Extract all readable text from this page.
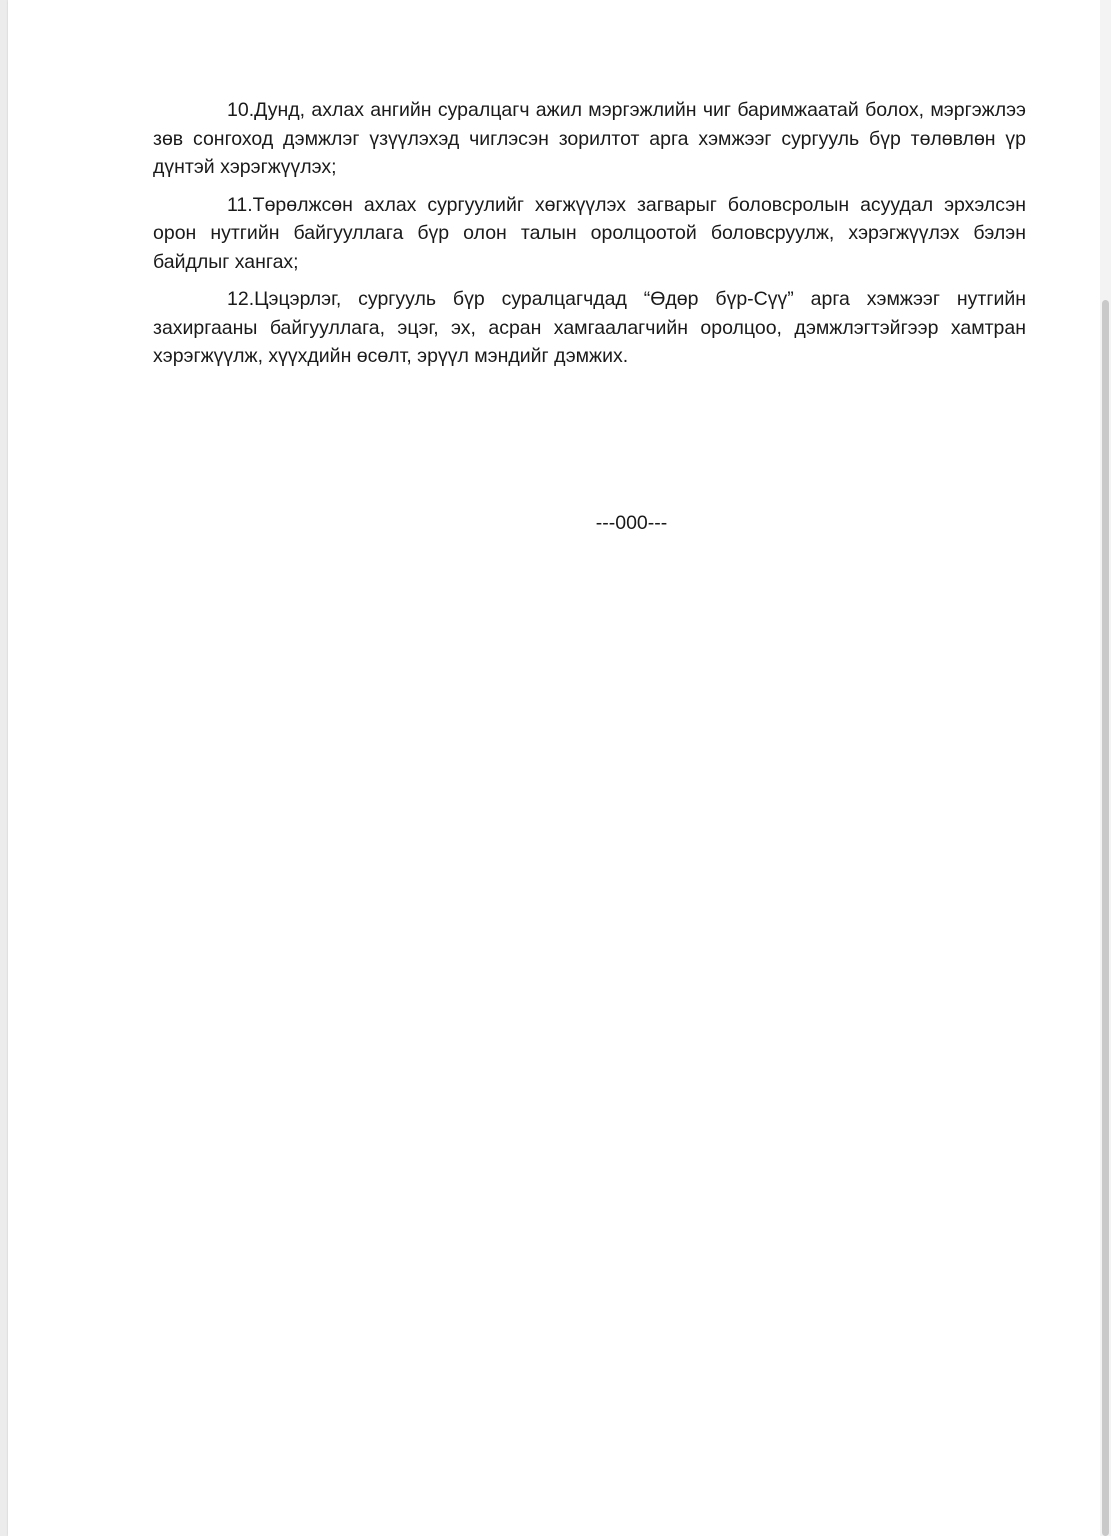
10.Дунд, ахлах ангийн суралцагч ажил мэргэжлийн чиг баримжаатай болох, мэргэжлээ зөв сонгоход дэмжлэг үзүүлэхэд чиглэсэн зорилтот арга хэмжээг сургууль бүр төлөвлөн үр дүнтэй хэрэгжүүлэх;

11.Төрөлжсөн ахлах сургуулийг хөгжүүлэх загварыг боловсролын асуудал эрхэлсэн орон нутгийн байгууллага бүр олон талын оролцоотой боловсруулж, хэрэгжүүлэх бэлэн байдлыг хангах;

12.Цэцэрлэг, сургууль бүр суралцагчдад “Өдөр бүр-Сүү” арга хэмжээг нутгийн захиргааны байгууллага, эцэг, эх, асран хамгаалагчийн оролцоо, дэмжлэгтэйгээр хамтран хэрэгжүүлж, хүүхдийн өсөлт, эрүүл мэндийг дэмжих.

---000---
